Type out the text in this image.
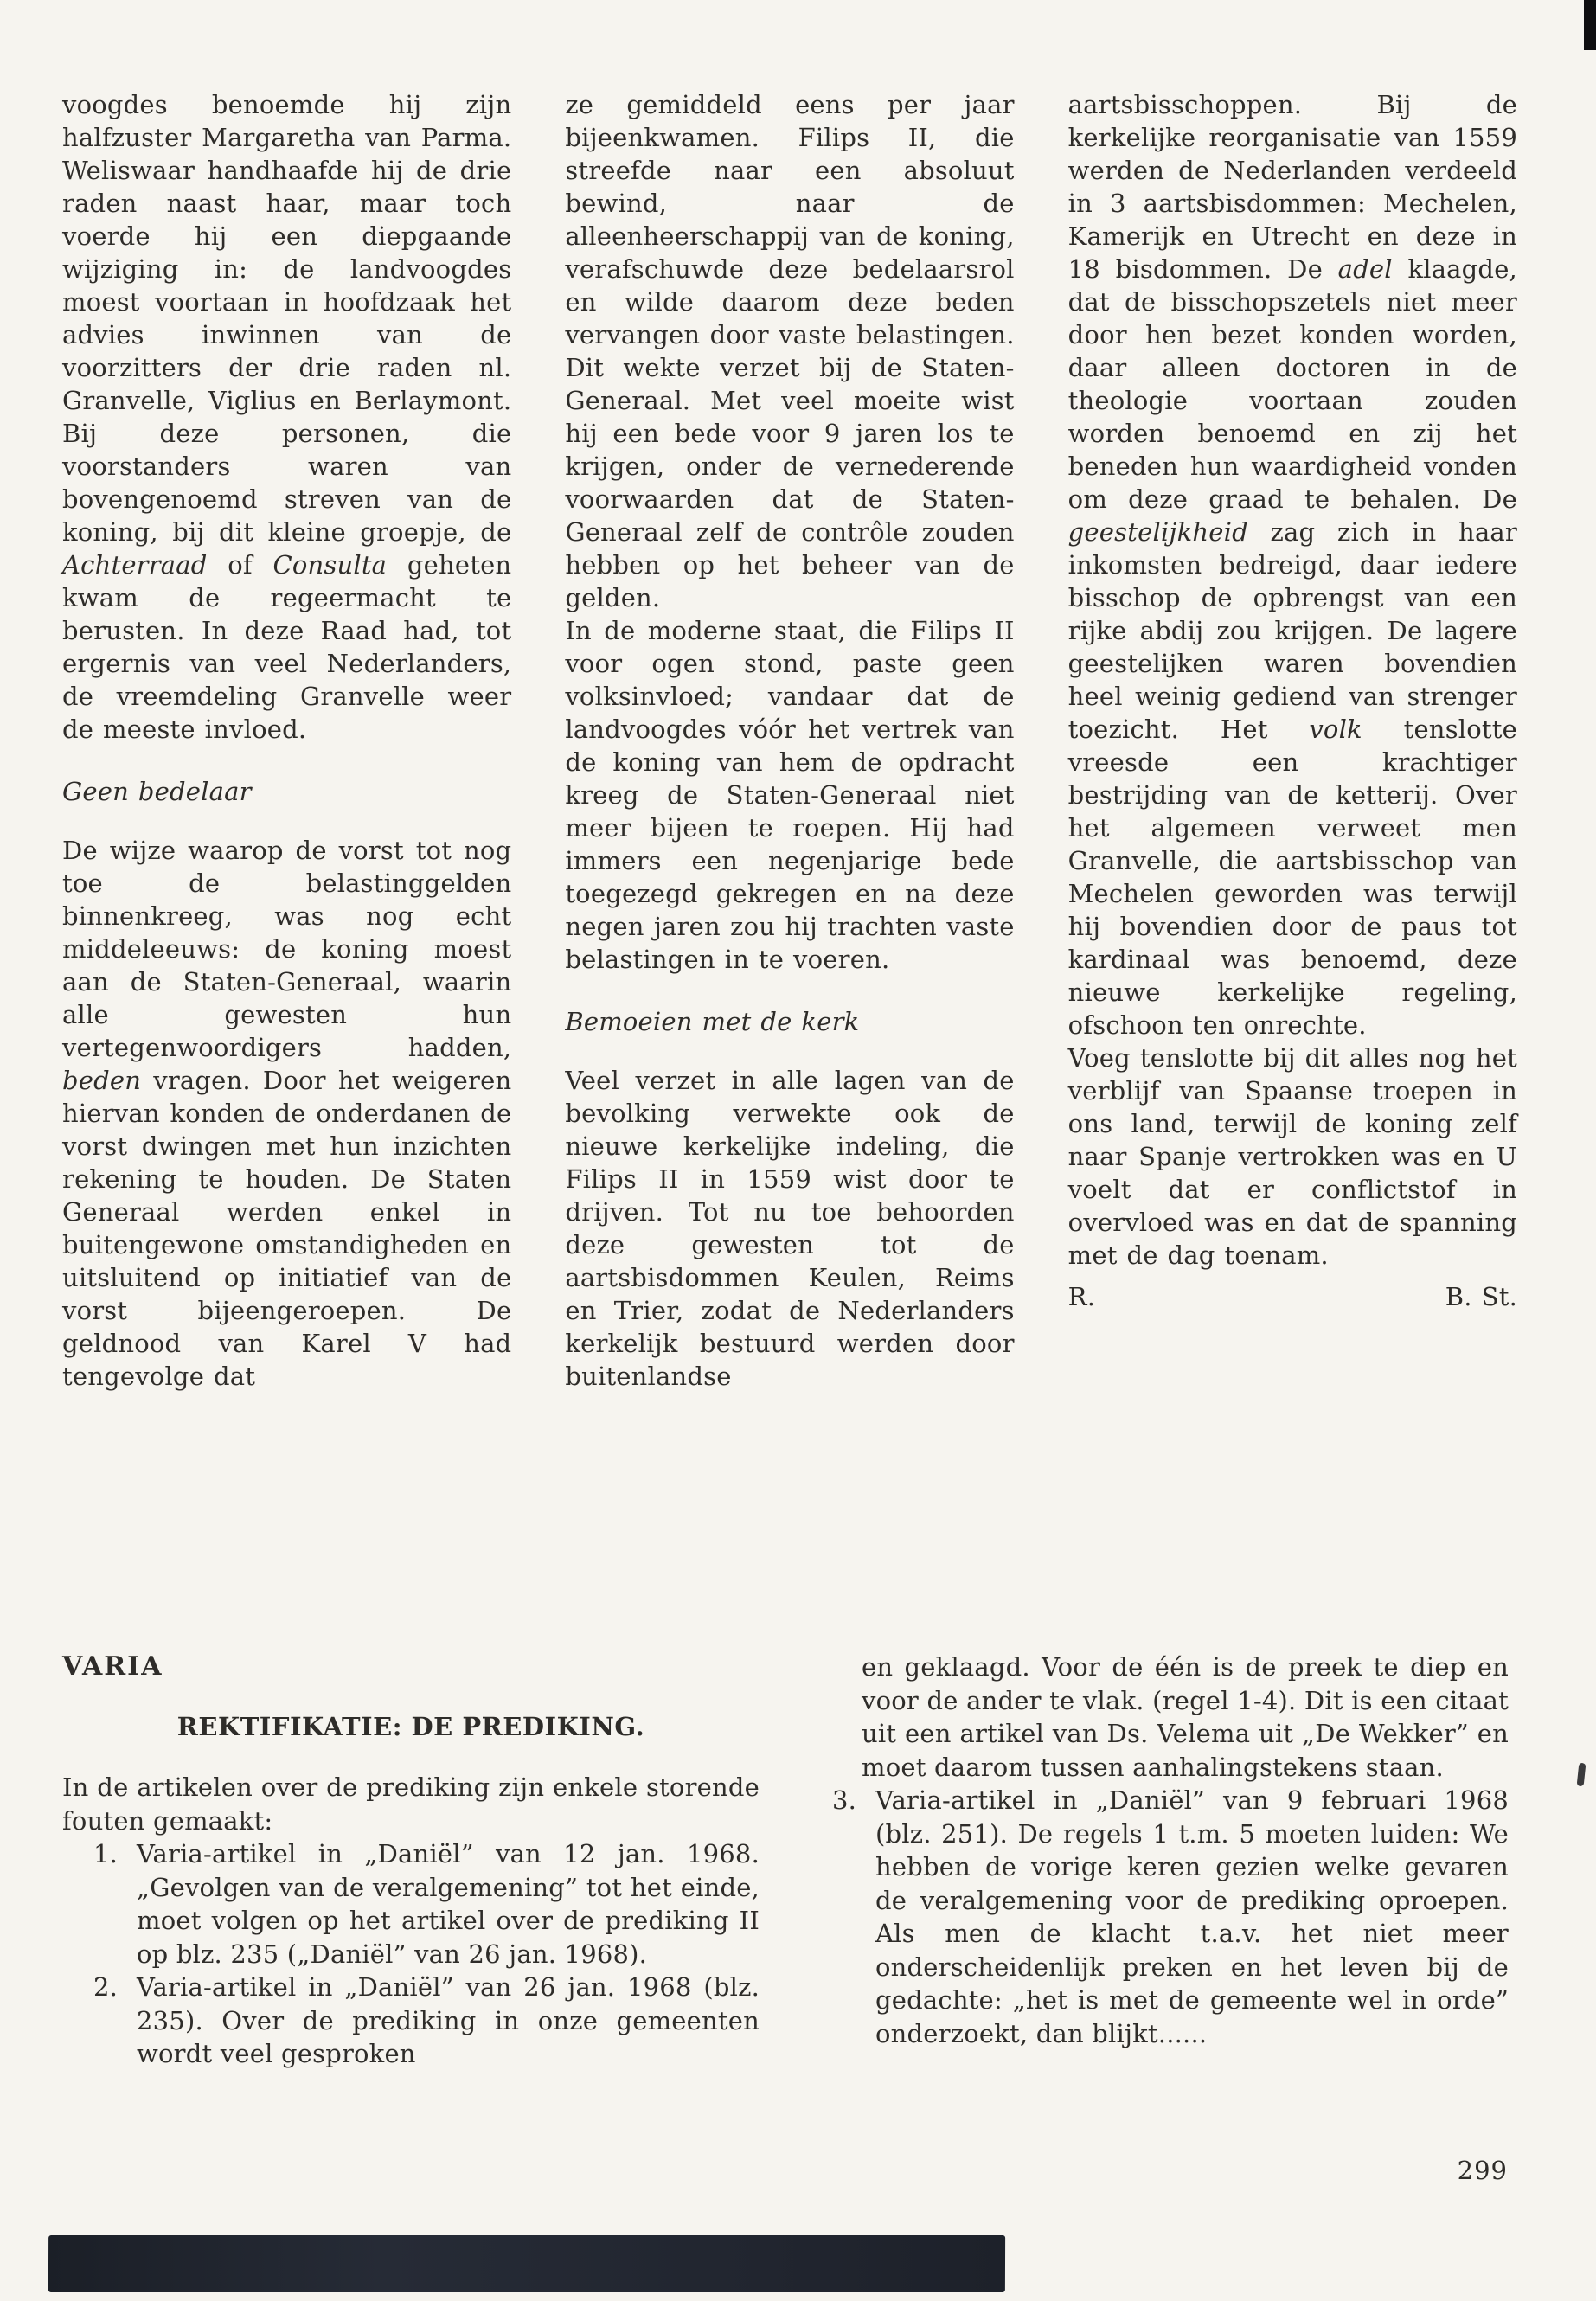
voogdes benoemde hij zijn halfzuster Margaretha van Parma. Weliswaar handhaafde hij de drie raden naast haar, maar toch voerde hij een diepgaande wijziging in: de landvoogdes moest voortaan in hoofdzaak het advies inwinnen van de voorzitters der drie raden nl. Granvelle, Viglius en Berlaymont. Bij deze personen, die voorstanders waren van bovengenoemd streven van de koning, bij dit kleine groepje, de Achterraad of Consulta geheten kwam de regeermacht te berusten. In deze Raad had, tot ergernis van veel Nederlanders, de vreemdeling Granvelle weer de meeste invloed.

Geen bedelaar

De wijze waarop de vorst tot nog toe de belastinggelden binnenkreeg, was nog echt middeleeuws: de koning moest aan de Staten-Generaal, waarin alle gewesten hun vertegenwoordigers hadden, beden vragen. Door het weigeren hiervan konden de onderdanen de vorst dwingen met hun inzichten rekening te houden. De Staten Generaal werden enkel in buitengewone omstandigheden en uitsluitend op initiatief van de vorst bijeengeroepen. De geldnood van Karel V had tengevolge dat

ze gemiddeld eens per jaar bijeenkwamen. Filips II, die streefde naar een absoluut bewind, naar de alleenheerschappij van de koning, verafschuwde deze bedelaarsrol en wilde daarom deze beden vervangen door vaste belastingen. Dit wekte verzet bij de Staten-Generaal. Met veel moeite wist hij een bede voor 9 jaren los te krijgen, onder de vernederende voorwaarden dat de Staten-Generaal zelf de contrôle zouden hebben op het beheer van de gelden.

In de moderne staat, die Filips II voor ogen stond, paste geen volksinvloed; vandaar dat de landvoogdes vóór het vertrek van de koning van hem de opdracht kreeg de Staten-Generaal niet meer bijeen te roepen. Hij had immers een negenjarige bede toegezegd gekregen en na deze negen jaren zou hij trachten vaste belastingen in te voeren.

Bemoeien met de kerk

Veel verzet in alle lagen van de bevolking verwekte ook de nieuwe kerkelijke indeling, die Filips II in 1559 wist door te drijven. Tot nu toe behoorden deze gewesten tot de aartsbisdommen Keulen, Reims en Trier, zodat de Nederlanders kerkelijk bestuurd werden door buitenlandse

aartsbisschoppen. Bij de kerkelijke reorganisatie van 1559 werden de Nederlanden verdeeld in 3 aartsbisdommen: Mechelen, Kamerijk en Utrecht en deze in 18 bisdommen. De adel klaagde, dat de bisschopszetels niet meer door hen bezet konden worden, daar alleen doctoren in de theologie voortaan zouden worden benoemd en zij het beneden hun waardigheid vonden om deze graad te behalen. De geestelijkheid zag zich in haar inkomsten bedreigd, daar iedere bisschop de opbrengst van een rijke abdij zou krijgen. De lagere geestelijken waren bovendien heel weinig gediend van strenger toezicht. Het volk tenslotte vreesde een krachtiger bestrijding van de ketterij. Over het algemeen verweet men Granvelle, die aartsbisschop van Mechelen geworden was terwijl hij bovendien door de paus tot kardinaal was benoemd, deze nieuwe kerkelijke regeling, ofschoon ten onrechte.

Voeg tenslotte bij dit alles nog het verblijf van Spaanse troepen in ons land, terwijl de koning zelf naar Spanje vertrokken was en U voelt dat er conflictstof in overvloed was en dat de spanning met de dag toenam.

R.	B. St.
VARIA
REKTIFIKATIE: DE PREDIKING.

In de artikelen over de prediking zijn enkele storende fouten gemaakt:

1. Varia-artikel in „Daniël” van 12 jan. 1968. „Gevolgen van de veralgemening” tot het einde, moet volgen op het artikel over de prediking II op blz. 235 („Daniël” van 26 jan. 1968).
2. Varia-artikel in „Daniël” van 26 jan. 1968 (blz. 235). Over de prediking in onze gemeenten wordt veel gesproken

en geklaagd. Voor de één is de preek te diep en voor de ander te vlak. (regel 1-4). Dit is een citaat uit een artikel van Ds. Velema uit „De Wekker” en moet daarom tussen aanhalingstekens staan.

3. Varia-artikel in „Daniël” van 9 februari 1968 (blz. 251). De regels 1 t.m. 5 moeten luiden: We hebben de vorige keren gezien welke gevaren de veralgemening voor de prediking oproepen. Als men de klacht t.a.v. het niet meer onderscheidenlijk preken en het leven bij de gedachte: „het is met de gemeente wel in orde” onderzoekt, dan blijkt......
299
